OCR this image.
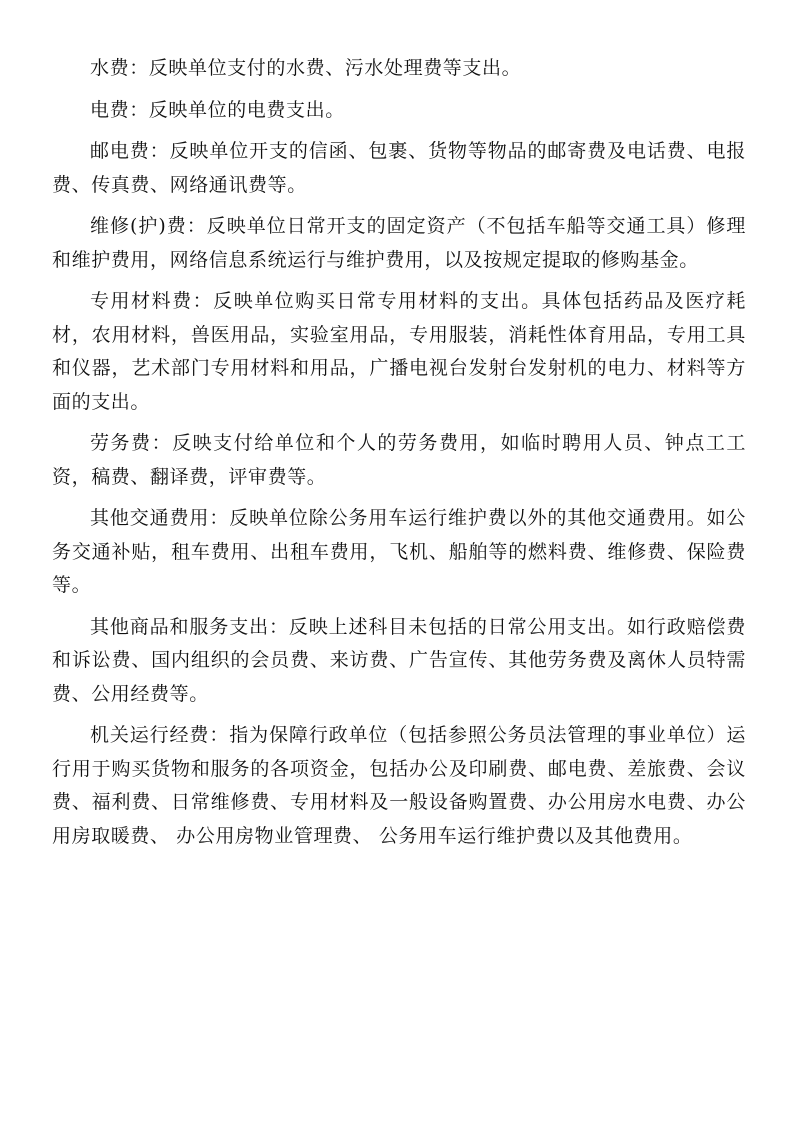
水费：反映单位支付的水费、污水处理费等支出。

电费：反映单位的电费支出。

邮电费：反映单位开支的信函、包裹、货物等物品的邮寄费及电话费、电报费、传真费、网络通讯费等。

维修(护)费：反映单位日常开支的固定资产（不包括车船等交通工具）修理和维护费用，网络信息系统运行与维护费用，以及按规定提取的修购基金。

专用材料费：反映单位购买日常专用材料的支出。具体包括药品及医疗耗材，农用材料，兽医用品，实验室用品，专用服装，消耗性体育用品，专用工具和仪器，艺术部门专用材料和用品，广播电视台发射台发射机的电力、材料等方面的支出。

劳务费：反映支付给单位和个人的劳务费用，如临时聘用人员、钟点工工资，稿费、翻译费，评审费等。

其他交通费用：反映单位除公务用车运行维护费以外的其他交通费用。如公务交通补贴，租车费用、出租车费用，飞机、船舶等的燃料费、维修费、保险费等。

其他商品和服务支出：反映上述科目未包括的日常公用支出。如行政赔偿费和诉讼费、国内组织的会员费、来访费、广告宣传、其他劳务费及离休人员特需费、公用经费等。

机关运行经费：指为保障行政单位（包括参照公务员法管理的事业单位）运行用于购买货物和服务的各项资金，包括办公及印刷费、邮电费、差旅费、会议费、福利费、日常维修费、专用材料及一般设备购置费、办公用房水电费、办公用房取暖费、 办公用房物业管理费、 公务用车运行维护费以及其他费用。
